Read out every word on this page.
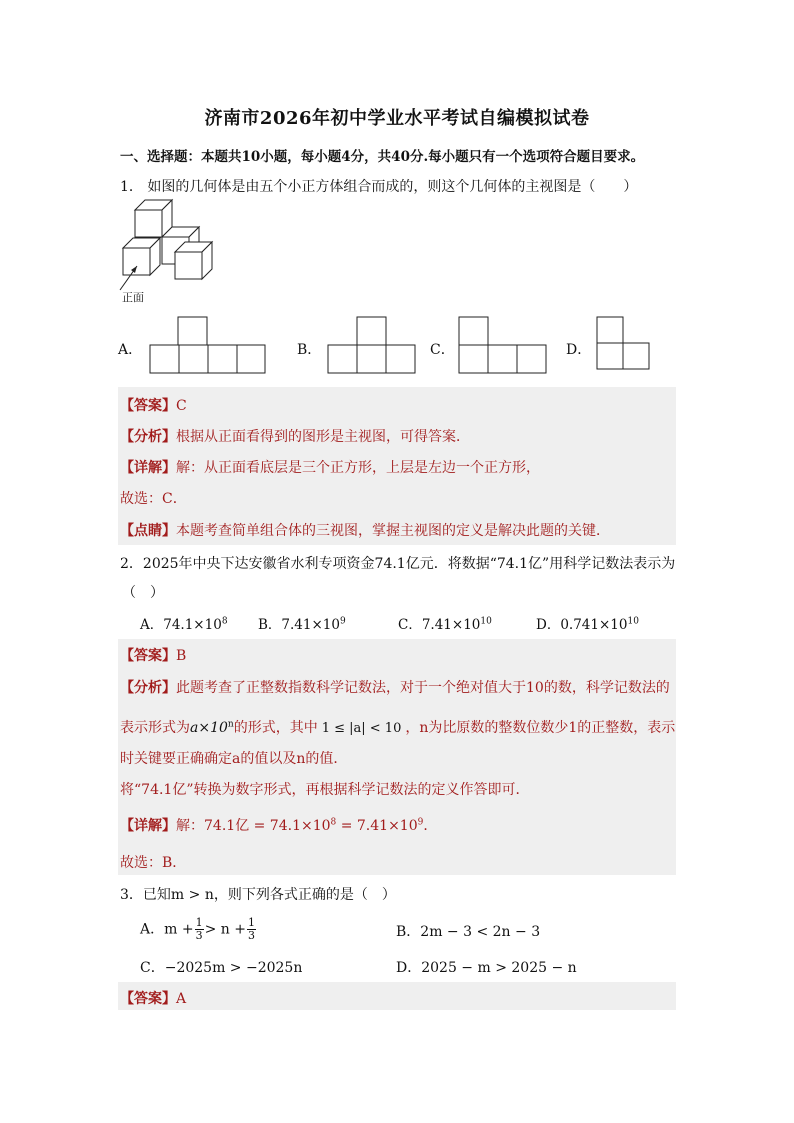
济南市2026年初中学业水平考试自编模拟试卷
一、选择题：本题共10小题，每小题4分，共40分.每小题只有一个选项符合题目要求。
1． 如图的几何体是由五个小正方体组合而成的，则这个几何体的主视图是（　　）
正面
A．	B．	C．	D．
【答案】C
【分析】根据从正面看得到的图形是主视图，可得答案．
【详解】解：从正面看底层是三个正方形，上层是左边一个正方形，
故选：C．
【点睛】本题考查简单组合体的三视图，掌握主视图的定义是解决此题的关键．
2．2025年中央下达安徽省水利专项资金74.1亿元．将数据“74.1亿”用科学记数法表示为
（　）
A．$74.1\times 10^8$ B．$7.41\times 10^9$	C．$7.41\times 10^{10}$	D．$0.741\times 10^{10}$
【答案】B
【分析】此题考查了正整数指数科学记数法，对于一个绝对值大于10的数，科学记数法的
表示形式为$a\times 10^n$的形式，其中 1 ≤ |a| < 10 ，n为比原数的整数位数少1的正整数，表示
时关键要正确确定a的值以及n的值．
将“74.1亿”转换为数字形式，再根据科学记数法的定义作答即可．
【详解】解：74.1亿 = $74.1\times 10^8 = 7.41\times 10^9$．
故选：B．
3．已知m > n，则下列各式正确的是（　）
A．$m + \frac{1}{3} > n + \frac{1}{3}$	B．2m − 3 < 2n − 3
C．−2025m > −2025n	D．2025 − m > 2025 − n
【答案】A
